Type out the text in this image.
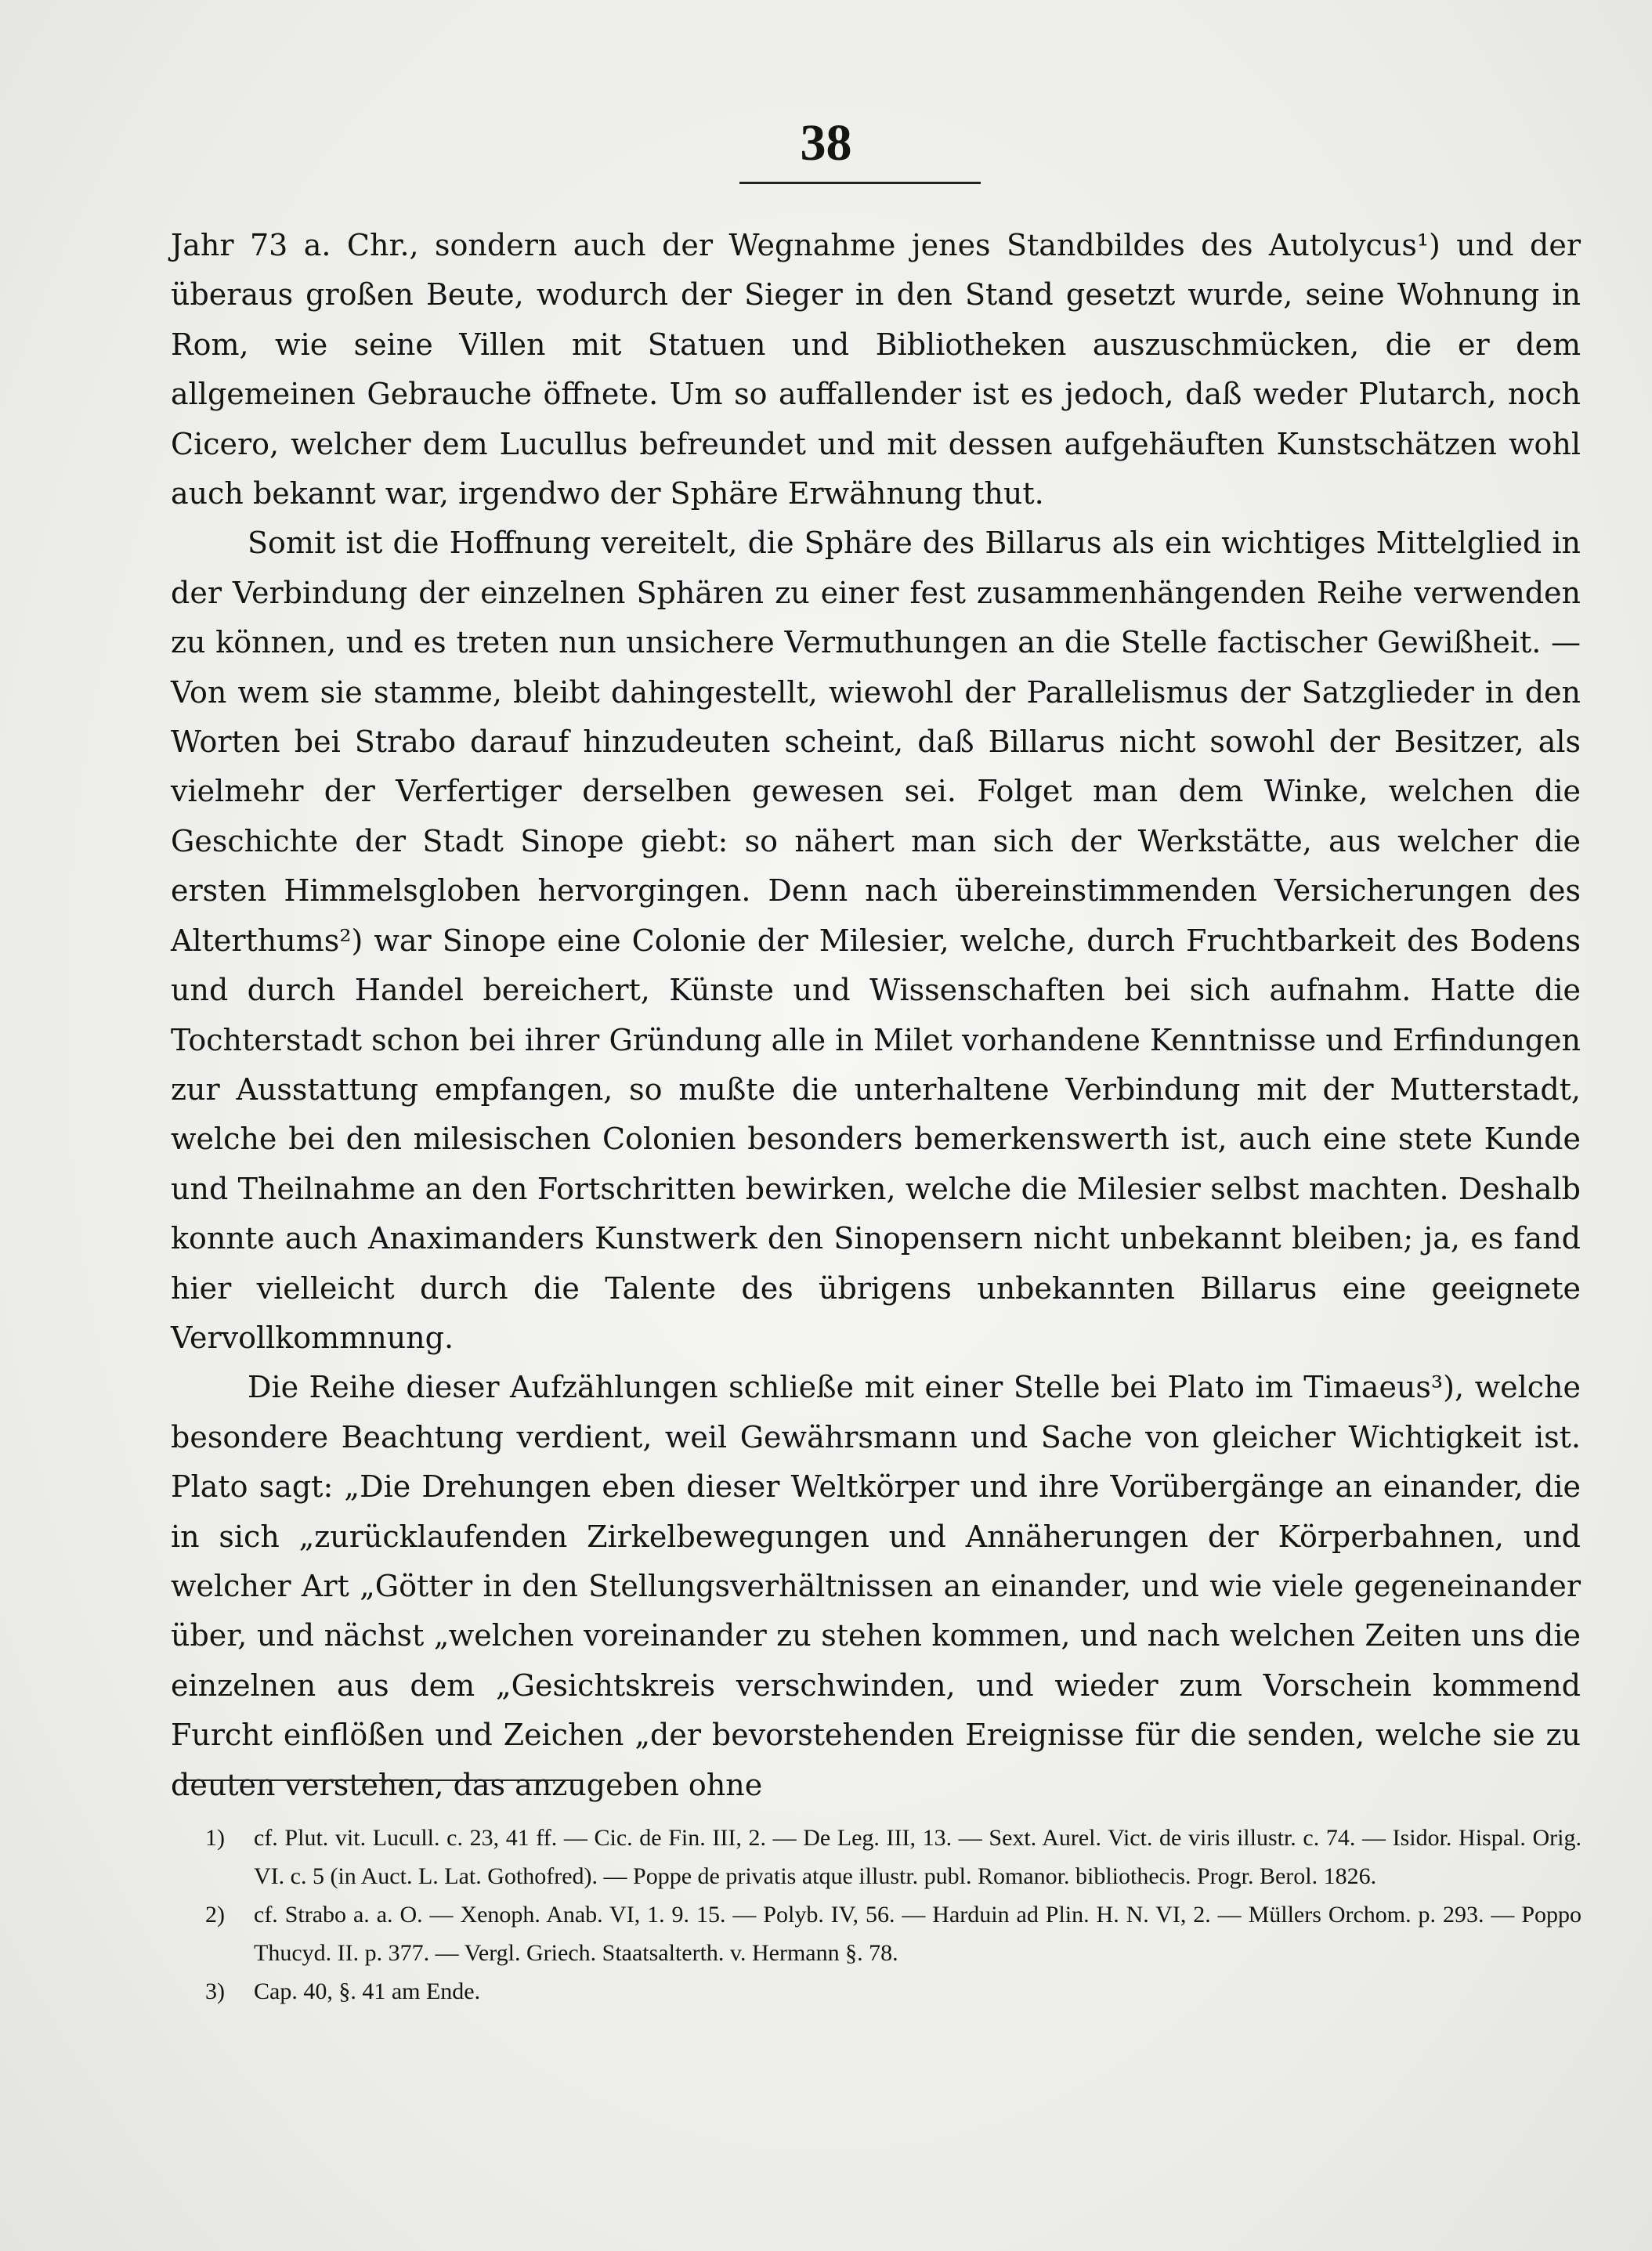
38

Jahr 73 a. Chr., sondern auch der Wegnahme jenes Standbildes des Autolycus¹) und der überaus großen Beute, wodurch der Sieger in den Stand gesetzt wurde, seine Wohnung in Rom, wie seine Villen mit Statuen und Bibliotheken auszuschmücken, die er dem allgemeinen Gebrauche öffnete. Um so auffallender ist es jedoch, daß weder Plutarch, noch Cicero, welcher dem Lucullus befreundet und mit dessen aufgehäuften Kunstschätzen wohl auch bekannt war, irgendwo der Sphäre Erwähnung thut.

Somit ist die Hoffnung vereitelt, die Sphäre des Billarus als ein wichtiges Mittelglied in der Verbindung der einzelnen Sphären zu einer fest zusammenhängenden Reihe verwenden zu können, und es treten nun unsichere Vermuthungen an die Stelle factischer Gewißheit. — Von wem sie stamme, bleibt dahingestellt, wiewohl der Parallelismus der Satzglieder in den Worten bei Strabo darauf hinzudeuten scheint, daß Billarus nicht sowohl der Besitzer, als vielmehr der Verfertiger derselben gewesen sei. Folget man dem Winke, welchen die Geschichte der Stadt Sinope giebt: so nähert man sich der Werkstätte, aus welcher die ersten Himmelsgloben hervorgingen. Denn nach übereinstimmenden Versicherungen des Alterthums²) war Sinope eine Colonie der Milesier, welche, durch Fruchtbarkeit des Bodens und durch Handel bereichert, Künste und Wissenschaften bei sich aufnahm. Hatte die Tochterstadt schon bei ihrer Gründung alle in Milet vorhandene Kenntnisse und Erfindungen zur Ausstattung empfangen, so mußte die unterhaltene Verbindung mit der Mutterstadt, welche bei den milesischen Colonien besonders bemerkenswerth ist, auch eine stete Kunde und Theilnahme an den Fortschritten bewirken, welche die Milesier selbst machten. Deshalb konnte auch Anaximanders Kunstwerk den Sinopensern nicht unbekannt bleiben; ja, es fand hier vielleicht durch die Talente des übrigens unbekannten Billarus eine geeignete Vervollkommnung.

Die Reihe dieser Aufzählungen schließe mit einer Stelle bei Plato im Timaeus³), welche besondere Beachtung verdient, weil Gewährsmann und Sache von gleicher Wichtigkeit ist. Plato sagt: „Die Drehungen eben dieser Weltkörper und ihre Vorübergänge an einander, die in sich „zurücklaufenden Zirkelbewegungen und Annäherungen der Körperbahnen, und welcher Art „Götter in den Stellungsverhältnissen an einander, und wie viele gegeneinander über, und nächst „welchen voreinander zu stehen kommen, und nach welchen Zeiten uns die einzelnen aus dem „Gesichtskreis verschwinden, und wieder zum Vorschein kommend Furcht einflößen und Zeichen „der bevorstehenden Ereignisse für die senden, welche sie zu deuten verstehen, das anzugeben ohne

1)	cf. Plut. vit. Lucull. c. 23, 41 ff. — Cic. de Fin. III, 2. — De Leg. III, 13. — Sext. Aurel. Vict. de viris illustr. c. 74. — Isidor. Hispal. Orig. VI. c. 5 (in Auct. L. Lat. Gothofred). — Poppe de privatis atque illustr. publ. Romanor. bibliothecis. Progr. Berol. 1826.
2)	cf. Strabo a. a. O. — Xenoph. Anab. VI, 1. 9. 15. — Polyb. IV, 56. — Harduin ad Plin. H. N. VI, 2. — Müllers Orchom. p. 293. — Poppo Thucyd. II. p. 377. — Vergl. Griech. Staatsalterth. v. Hermann §. 78.
3)	Cap. 40, §. 41 am Ende.
